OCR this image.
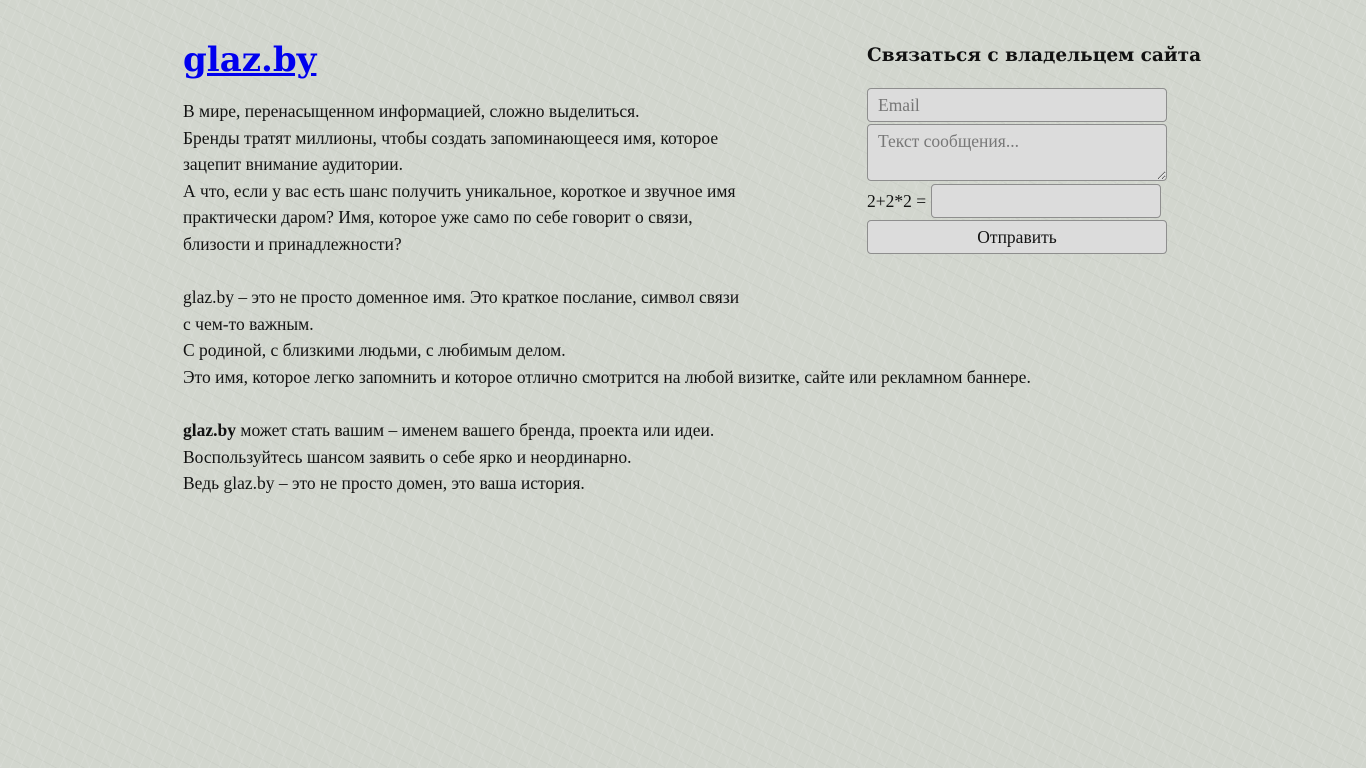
glaz.by

В мире, перенасыщенном информацией, сложно выделиться.
Бренды тратят миллионы, чтобы создать запоминающееся имя, которое
зацепит внимание аудитории.
А что, если у вас есть шанс получить уникальное, короткое и звучное имя
практически даром? Имя, которое уже само по себе говорит о связи,
близости и принадлежности?

glaz.by – это не просто доменное имя. Это краткое послание, символ связи
с чем-то важным.
С родиной, с близкими людьми, с любимым делом.
Это имя, которое легко запомнить и которое отлично смотрится на любой визитке, сайте или рекламном баннере.

glaz.by может стать вашим – именем вашего бренда, проекта или идеи.
Воспользуйтесь шансом заявить о себе ярко и неординарно.
Ведь glaz.by – это не просто домен, это ваша история.

Связаться с владельцем сайта
Email
Текст сообщения...
2+2*2 =
Отправить
